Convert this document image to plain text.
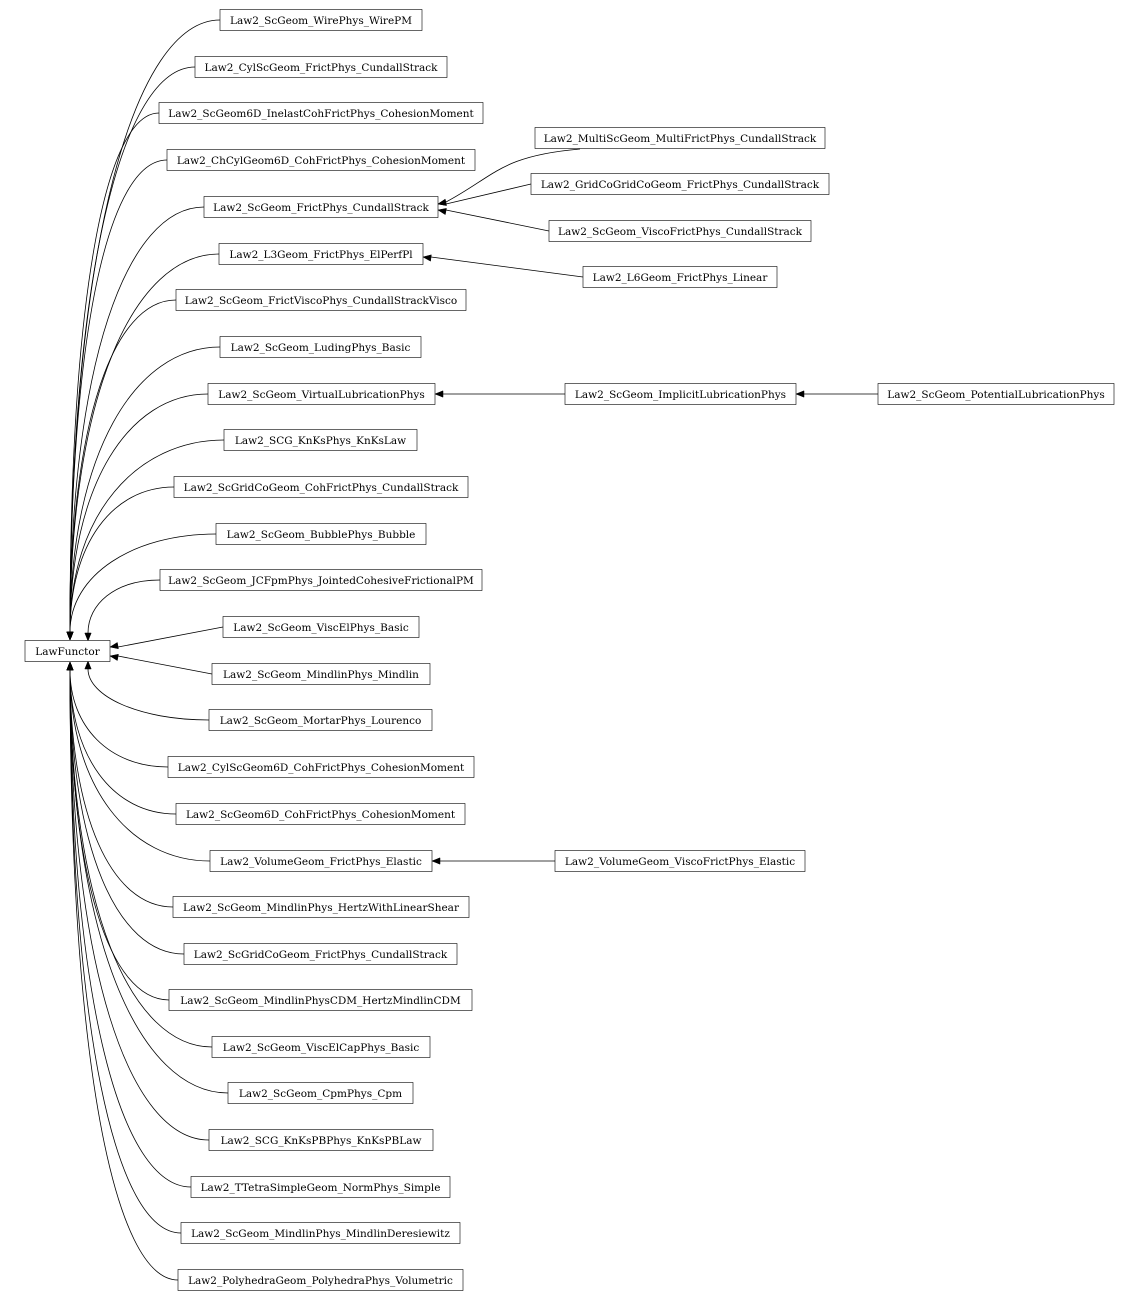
LawFunctor
Law2_ScGeom_WirePhys_WirePM
Law2_CylScGeom_FrictPhys_CundallStrack
Law2_ScGeom6D_InelastCohFrictPhys_CohesionMoment
Law2_ChCylGeom6D_CohFrictPhys_CohesionMoment
Law2_ScGeom_FrictPhys_CundallStrack
Law2_L3Geom_FrictPhys_ElPerfPl
Law2_ScGeom_FrictViscoPhys_CundallStrackVisco
Law2_ScGeom_LudingPhys_Basic
Law2_ScGeom_VirtualLubricationPhys
Law2_SCG_KnKsPhys_KnKsLaw
Law2_ScGridCoGeom_CohFrictPhys_CundallStrack
Law2_ScGeom_BubblePhys_Bubble
Law2_ScGeom_JCFpmPhys_JointedCohesiveFrictionalPM
Law2_ScGeom_ViscElPhys_Basic
Law2_ScGeom_MindlinPhys_Mindlin
Law2_ScGeom_MortarPhys_Lourenco
Law2_CylScGeom6D_CohFrictPhys_CohesionMoment
Law2_ScGeom6D_CohFrictPhys_CohesionMoment
Law2_VolumeGeom_FrictPhys_Elastic
Law2_ScGeom_MindlinPhys_HertzWithLinearShear
Law2_ScGridCoGeom_FrictPhys_CundallStrack
Law2_ScGeom_MindlinPhysCDM_HertzMindlinCDM
Law2_ScGeom_ViscElCapPhys_Basic
Law2_ScGeom_CpmPhys_Cpm
Law2_SCG_KnKsPBPhys_KnKsPBLaw
Law2_TTetraSimpleGeom_NormPhys_Simple
Law2_ScGeom_MindlinPhys_MindlinDeresiewitz
Law2_PolyhedraGeom_PolyhedraPhys_Volumetric
Law2_MultiScGeom_MultiFrictPhys_CundallStrack
Law2_GridCoGridCoGeom_FrictPhys_CundallStrack
Law2_ScGeom_ViscoFrictPhys_CundallStrack
Law2_L6Geom_FrictPhys_Linear
Law2_ScGeom_ImplicitLubricationPhys
Law2_VolumeGeom_ViscoFrictPhys_Elastic
Law2_ScGeom_PotentialLubricationPhys
